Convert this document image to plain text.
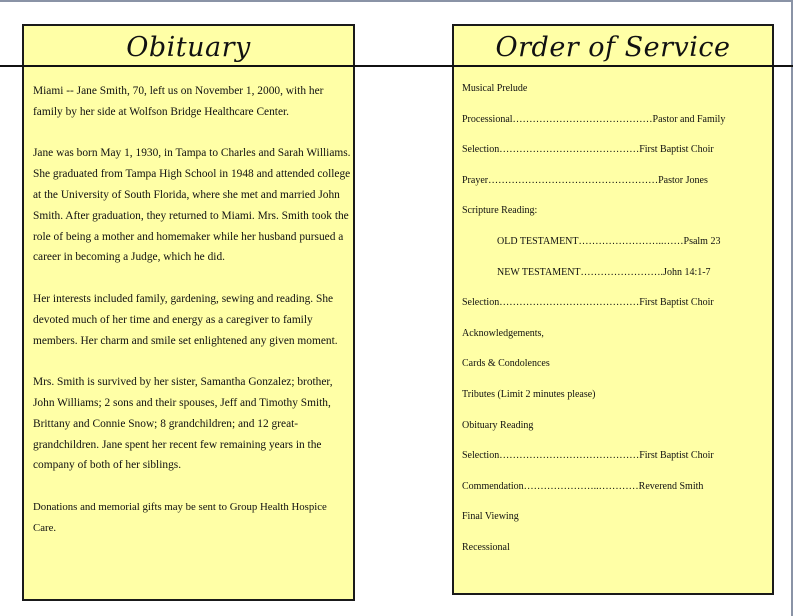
Obituary

Miami -- Jane Smith, 70, left us on November 1, 2000, with her family by her side at Wolfson Bridge Healthcare Center.

Jane was born May 1, 1930, in Tampa to Charles and Sarah Williams. She graduated from Tampa High School in 1948 and attended college at the University of South Florida, where she met and married John Smith. After graduation, they returned to Miami. Mrs. Smith took the role of being a mother and homemaker while her husband pursued a career in becoming a Judge, which he did.

Her interests included family, gardening, sewing and reading. She devoted much of her time and energy as a caregiver to family members. Her charm and smile set enlightened any given moment.

Mrs. Smith is survived by her sister, Samantha Gonzalez; brother, John Williams; 2 sons and their spouses, Jeff and Timothy Smith, Brittany and Connie Snow; 8 grandchildren; and 12 great-grandchildren. Jane spent her recent few remaining years in the company of both of her siblings.

Donations and memorial gifts may be sent to Group Health Hospice Care.

Order of Service
Musical Prelude
Processional …………………………………… Pastor and Family
Selection …………………………………… First Baptist Choir
Prayer …………………………………………… Pastor Jones
Scripture Reading:
OLD TESTAMENT ……………………..…… Psalm 23
NEW TESTAMENT ……………………. John 14:1-7
Selection …………………………………… First Baptist Choir
Acknowledgements,
Cards & Condolences
Tributes (Limit 2 minutes please)
Obituary Reading
Selection …………………………………… First Baptist Choir
Commendation …………………..………… Reverend Smith
Final Viewing
Recessional
